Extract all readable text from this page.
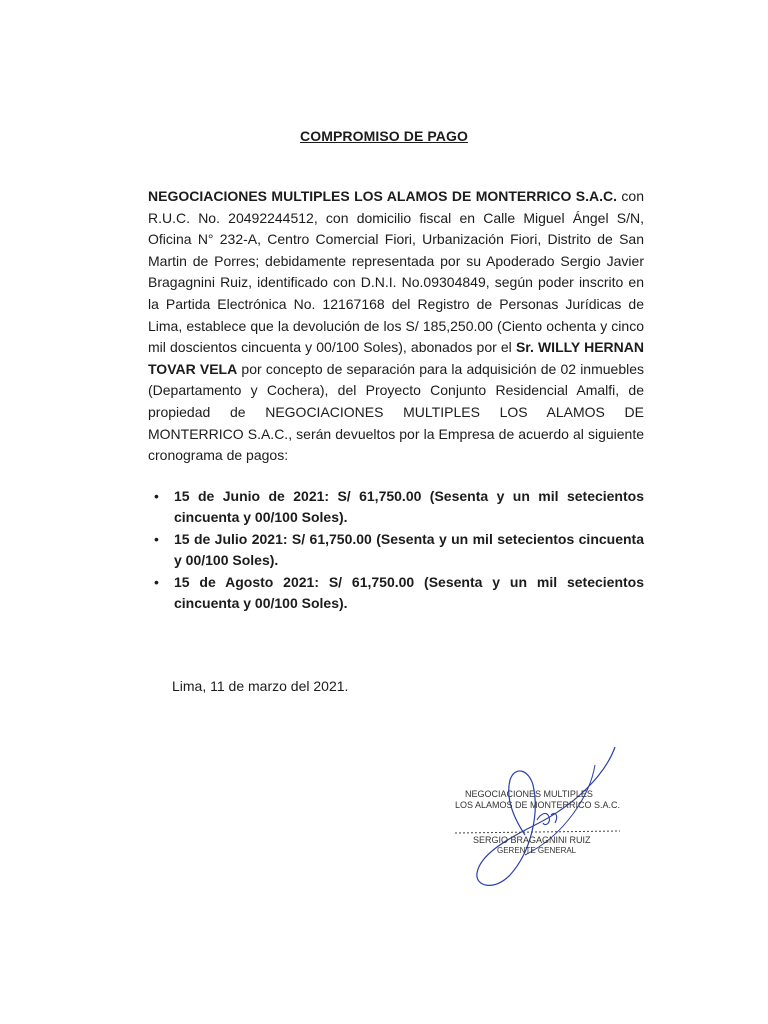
COMPROMISO DE PAGO
NEGOCIACIONES MULTIPLES LOS ALAMOS DE MONTERRICO S.A.C. con R.U.C. No. 20492244512, con domicilio fiscal en Calle Miguel Ángel S/N, Oficina N° 232-A, Centro Comercial Fiori, Urbanización Fiori, Distrito de San Martin de Porres; debidamente representada por su Apoderado Sergio Javier Bragagnini Ruiz, identificado con D.N.I. No.09304849, según poder inscrito en la Partida Electrónica No. 12167168 del Registro de Personas Jurídicas de Lima, establece que la devolución de los S/ 185,250.00 (Ciento ochenta y cinco mil doscientos cincuenta y 00/100 Soles), abonados por el Sr. WILLY HERNAN TOVAR VELA por concepto de separación para la adquisición de 02 inmuebles (Departamento y Cochera), del Proyecto Conjunto Residencial Amalfi, de propiedad de NEGOCIACIONES MULTIPLES LOS ALAMOS DE MONTERRICO S.A.C., serán devueltos por la Empresa de acuerdo al siguiente cronograma de pagos:
• 15 de Junio de 2021: S/ 61,750.00 (Sesenta y un mil setecientos cincuenta y 00/100 Soles).
• 15 de Julio 2021: S/ 61,750.00 (Sesenta y un mil setecientos cincuenta y 00/100 Soles).
• 15 de Agosto 2021: S/ 61,750.00 (Sesenta y un mil setecientos cincuenta y 00/100 Soles).
Lima, 11 de marzo del 2021.
NEGOCIACIONES MULTIPLES
LOS ALAMOS DE MONTERRICO S.A.C.
SERGIO BRAGAGNINI RUIZ
GERENTE GENERAL
